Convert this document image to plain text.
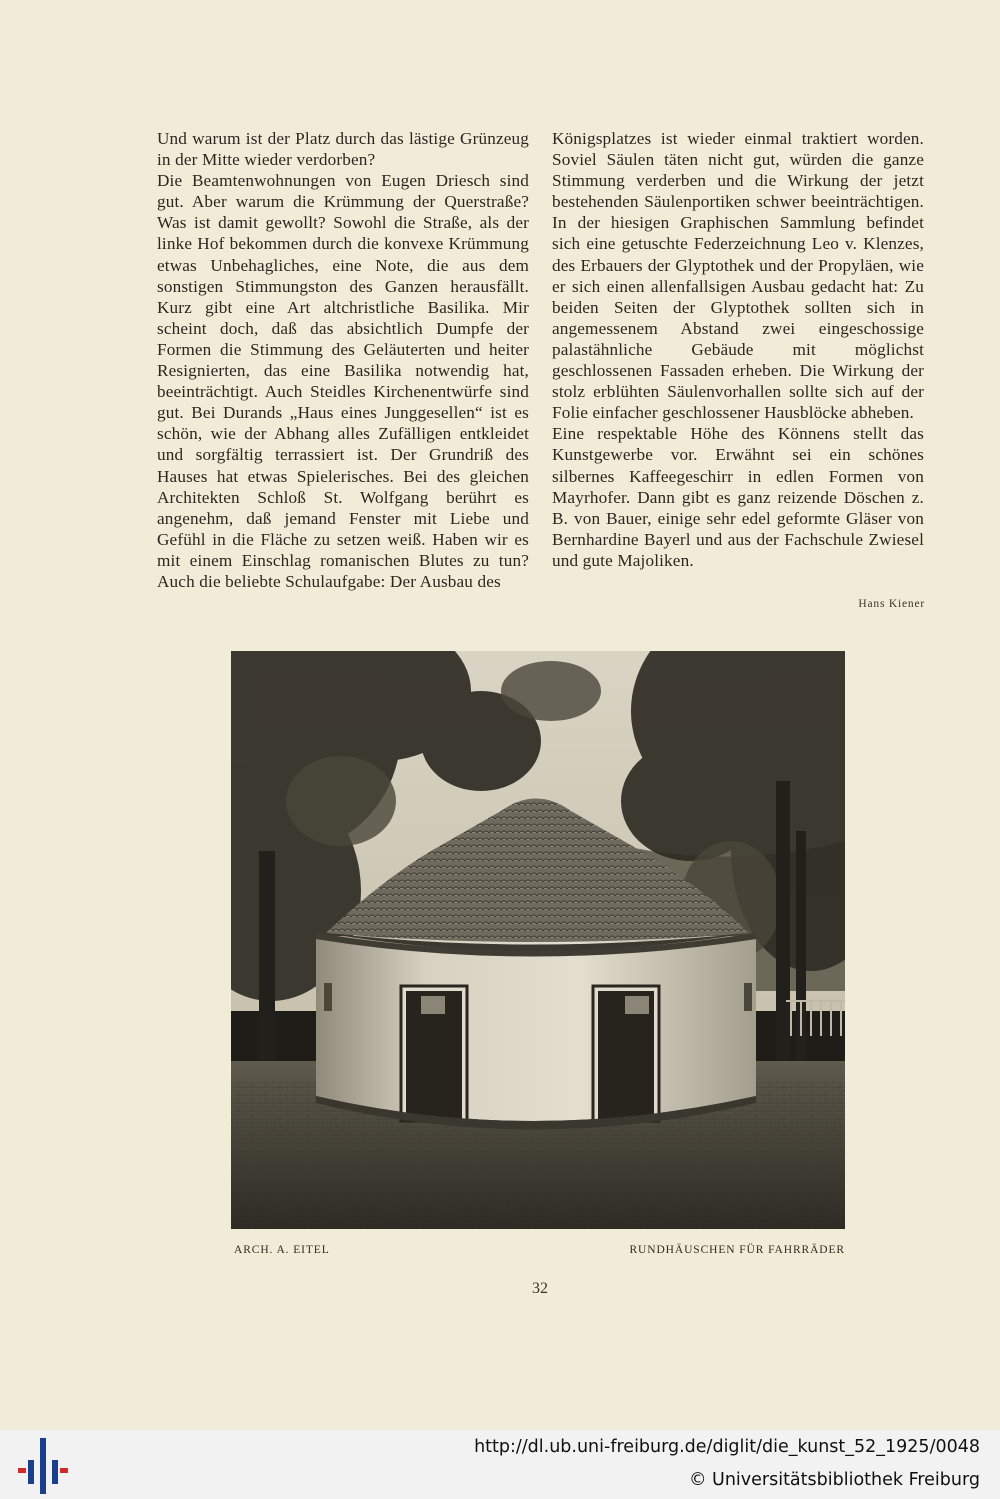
Und warum ist der Platz durch das lästige Grünzeug in der Mitte wieder verdorben?

Die Beamtenwohnungen von Eugen Driesch sind gut. Aber warum die Krümmung der Querstraße? Was ist damit gewollt? Sowohl die Straße, als der linke Hof bekommen durch die konvexe Krümmung etwas Unbehagliches, eine Note, die aus dem sonstigen Stimmungston des Ganzen herausfällt. Kurz gibt eine Art altchristliche Basilika. Mir scheint doch, daß das absichtlich Dumpfe der Formen die Stimmung des Geläuterten und heiter Resignierten, das eine Basilika notwendig hat, beeinträchtigt. Auch Steidles Kirchenentwürfe sind gut. Bei Durands „Haus eines Junggesellen“ ist es schön, wie der Abhang alles Zufälligen entkleidet und sorgfältig terrassiert ist. Der Grundriß des Hauses hat etwas Spielerisches. Bei des gleichen Architekten Schloß St. Wolfgang berührt es angenehm, daß jemand Fenster mit Liebe und Gefühl in die Fläche zu setzen weiß. Haben wir es mit einem Einschlag romanischen Blutes zu tun? Auch die beliebte Schulaufgabe: Der Ausbau des

Königsplatzes ist wieder einmal traktiert worden. Soviel Säulen täten nicht gut, würden die ganze Stimmung verderben und die Wirkung der jetzt bestehenden Säulenportiken schwer beeinträchtigen. In der hiesigen Graphischen Sammlung befindet sich eine getuschte Federzeichnung Leo v. Klenzes, des Erbauers der Glyptothek und der Propyläen, wie er sich einen allenfallsigen Ausbau gedacht hat: Zu beiden Seiten der Glyptothek sollten sich in angemessenem Abstand zwei eingeschossige palastähnliche Gebäude mit möglichst geschlossenen Fassaden erheben. Die Wirkung der stolz erblühten Säulenvorhallen sollte sich auf der Folie einfacher geschlossener Hausblöcke abheben.

Eine respektable Höhe des Könnens stellt das Kunstgewerbe vor. Erwähnt sei ein schönes silbernes Kaffeegeschirr in edlen Formen von Mayrhofer. Dann gibt es ganz reizende Döschen z. B. von Bauer, einige sehr edel geformte Gläser von Bernhardine Bayerl und aus der Fachschule Zwiesel und gute Majoliken.

Hans Kiener
ARCH. A. EITEL	RUNDHÄUSCHEN FÜR FAHRRÄDER
32
http://dl.ub.uni-freiburg.de/diglit/die_kunst_52_1925/0048
© Universitätsbibliothek Freiburg
